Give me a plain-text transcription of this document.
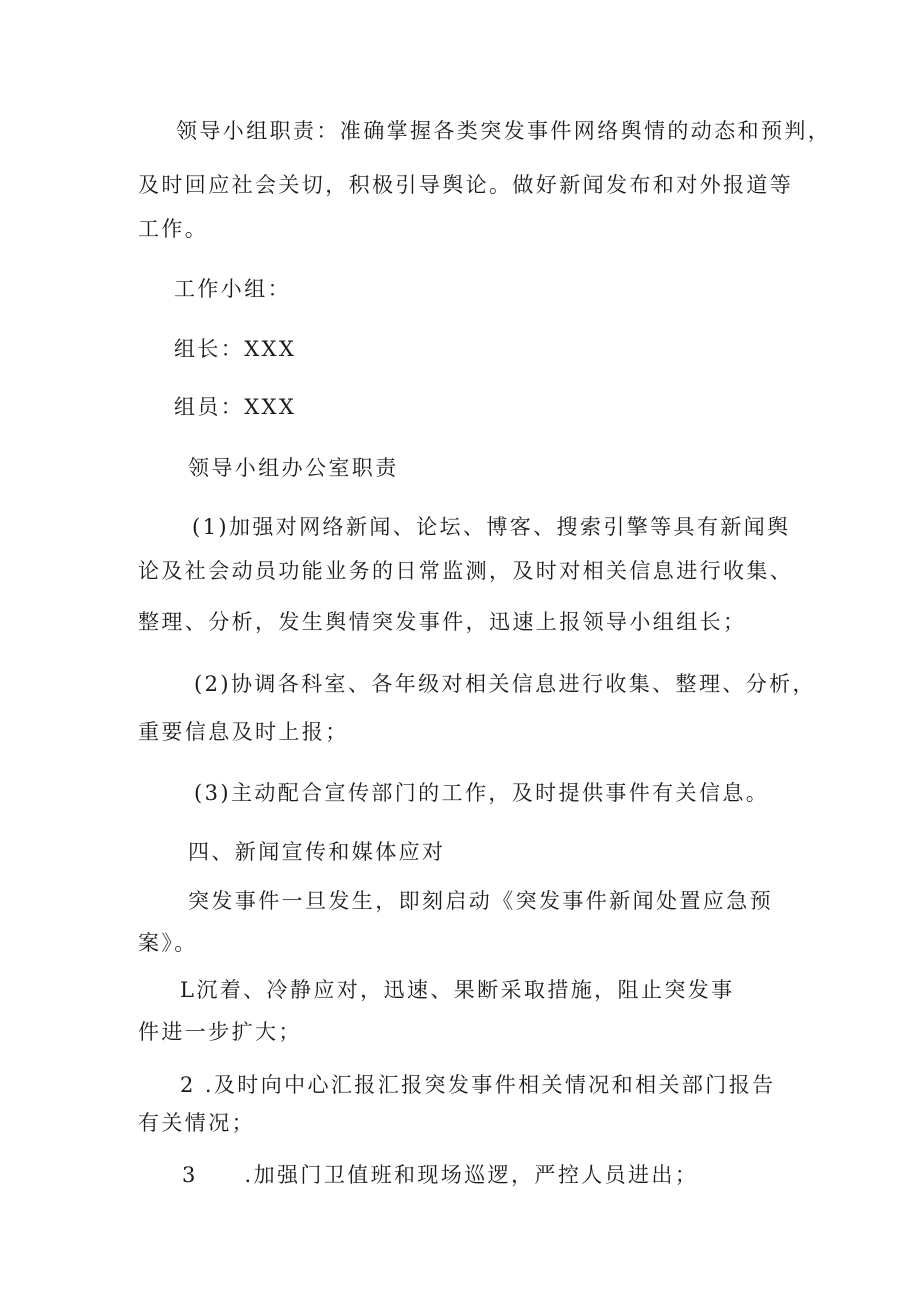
领导小组职责：准确掌握各类突发事件网络舆情的动态和预判，
及时回应社会关切，积极引导舆论。做好新闻发布和对外报道等
工作。
工作小组：
组长：XXX
组员：XXX
领导小组办公室职责
(1)加强对网络新闻、论坛、博客、搜索引擎等具有新闻舆
论及社会动员功能业务的日常监测，及时对相关信息进行收集、
整理、分析，发生舆情突发事件，迅速上报领导小组组长；
(2)协调各科室、各年级对相关信息进行收集、整理、分析，
重要信息及时上报；
(3)主动配合宣传部门的工作，及时提供事件有关信息。
四、新闻宣传和媒体应对
突发事件一旦发生，即刻启动《突发事件新闻处置应急预
案》。
L沉着、冷静应对，迅速、果断采取措施，阻止突发事
件进一步扩大；
2 .及时向中心汇报汇报突发事件相关情况和相关部门报告
有关情况；
3　　.加强门卫值班和现场巡逻，严控人员进出；
